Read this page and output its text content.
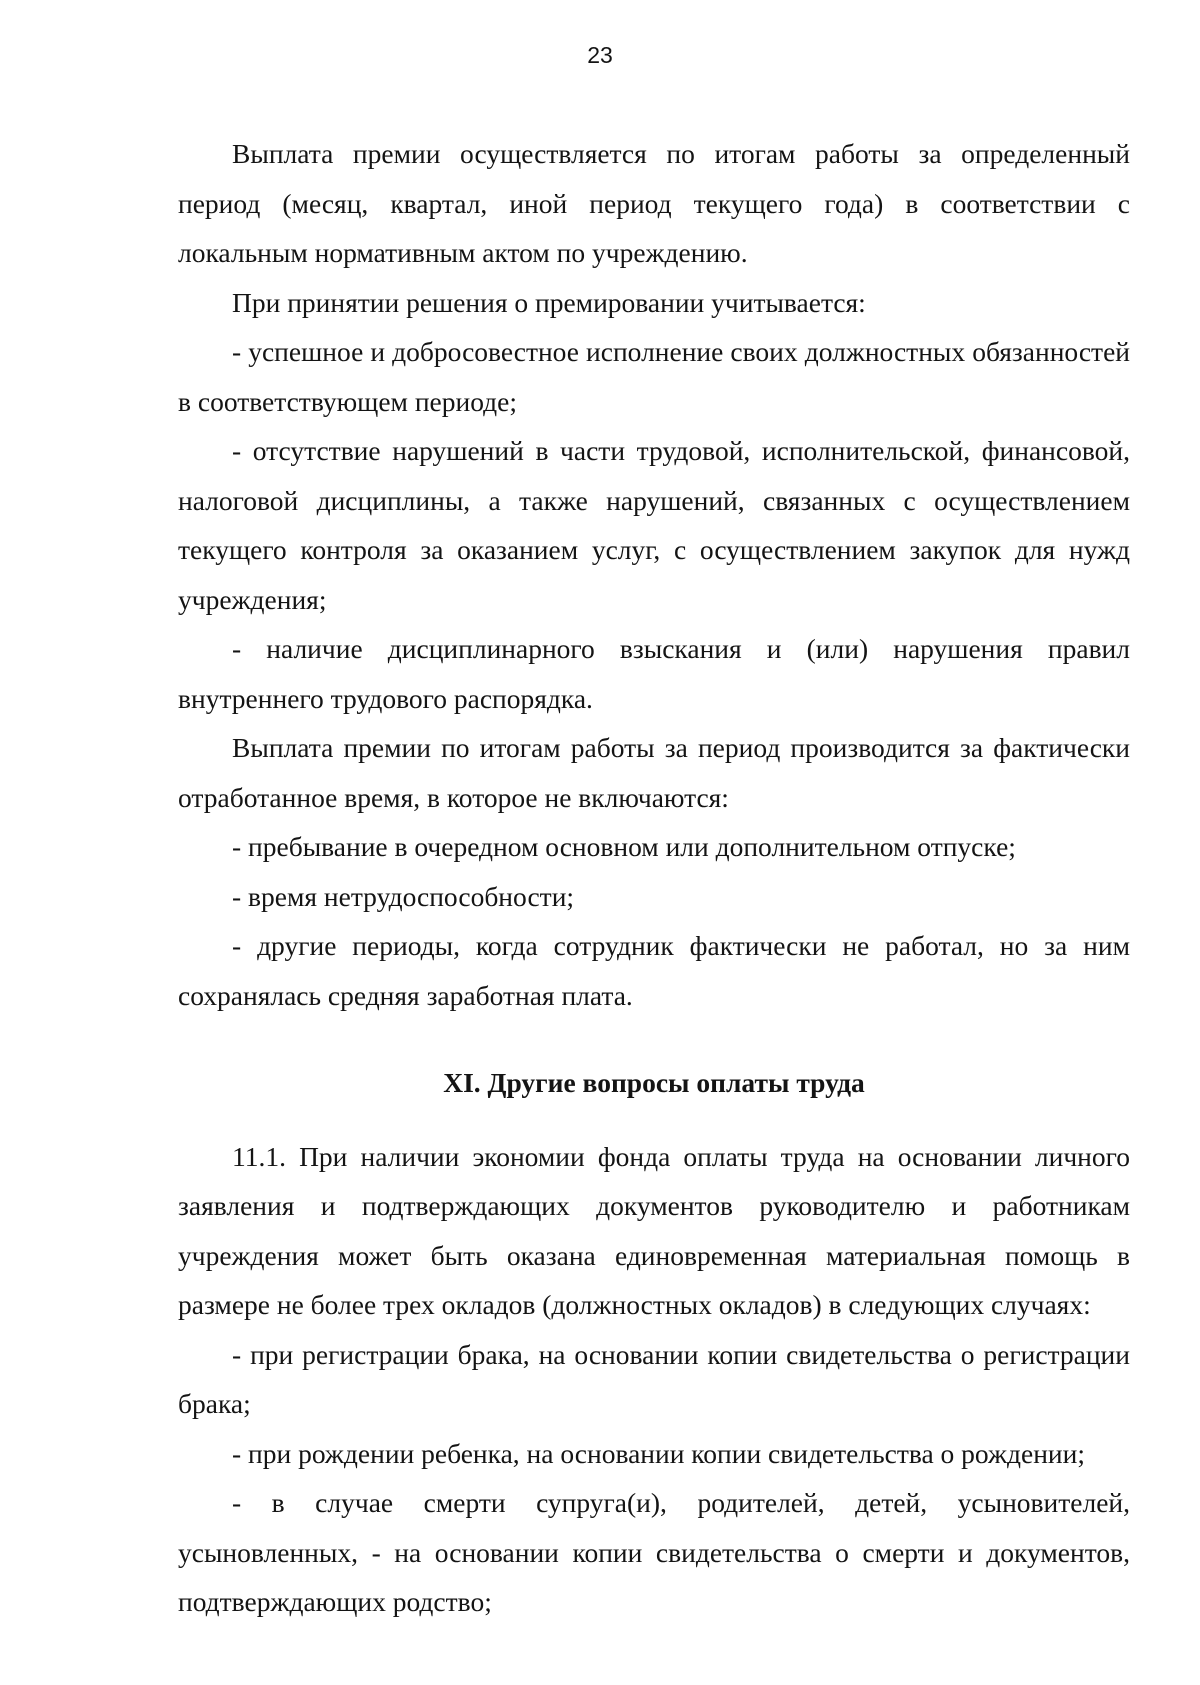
23

Выплата премии осуществляется по итогам работы за определенный период (месяц, квартал, иной период текущего года) в соответствии с локальным нормативным актом по учреждению.

При принятии решения о премировании учитывается:

- успешное и добросовестное исполнение своих должностных обязанностей в соответствующем периоде;

- отсутствие нарушений в части трудовой, исполнительской, финансовой, налоговой дисциплины, а также нарушений, связанных с осуществлением текущего контроля за оказанием услуг, с осуществлением закупок для нужд учреждения;

- наличие дисциплинарного взыскания и (или) нарушения правил внутреннего трудового распорядка.

Выплата премии по итогам работы за период производится за фактически отработанное время, в которое не включаются:

- пребывание в очередном основном или дополнительном отпуске;

- время нетрудоспособности;

- другие периоды, когда сотрудник фактически не работал, но за ним сохранялась средняя заработная плата.

XI. Другие вопросы оплаты труда

11.1. При наличии экономии фонда оплаты труда на основании личного заявления и подтверждающих документов руководителю и работникам учреждения может быть оказана единовременная материальная помощь в размере не более трех окладов (должностных окладов) в следующих случаях:

- при регистрации брака, на основании копии свидетельства о регистрации брака;

- при рождении ребенка, на основании копии свидетельства о рождении;

- в случае смерти супруга(и), родителей, детей, усыновителей, усыновленных, - на основании копии свидетельства о смерти и документов, подтверждающих родство;
